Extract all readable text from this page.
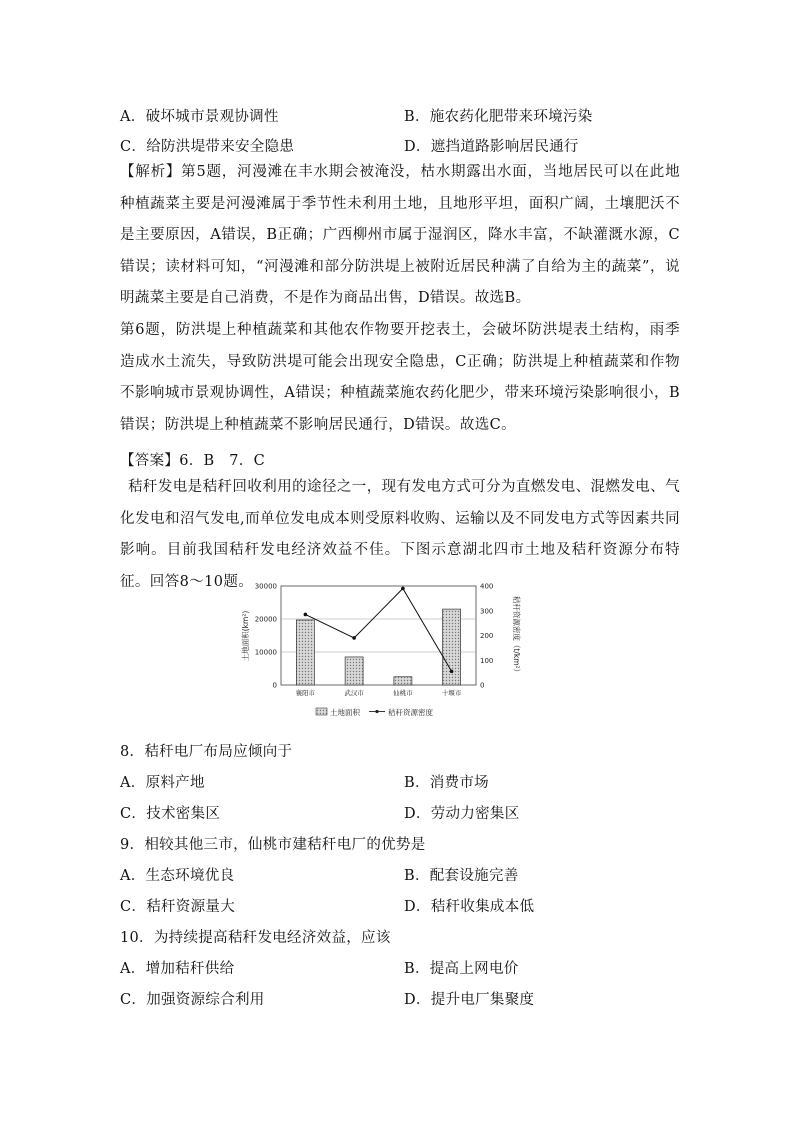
A．破坏城市景观协调性	B．施农药化肥带来环境污染
C．给防洪堤带来安全隐患	D．遮挡道路影响居民通行
【解析】第5题，河漫滩在丰水期会被淹没，枯水期露出水面，当地居民可以在此地种植蔬菜主要是河漫滩属于季节性未利用土地，且地形平坦，面积广阔，土壤肥沃不是主要原因，A错误，B正确；广西柳州市属于湿润区，降水丰富，不缺灌溉水源，C错误；读材料可知，“河漫滩和部分防洪堤上被附近居民种满了自给为主的蔬菜”，说明蔬菜主要是自己消费，不是作为商品出售，D错误。故选B。
第6题，防洪堤上种植蔬菜和其他农作物要开挖表土，会破坏防洪堤表土结构，雨季造成水土流失，导致防洪堤可能会出现安全隐患，C正确；防洪堤上种植蔬菜和作物不影响城市景观协调性，A错误；种植蔬菜施农药化肥少，带来环境污染影响很小，B错误；防洪堤上种植蔬菜不影响居民通行，D错误。故选C。
【答案】6．B　7．C
秸秆发电是秸秆回收利用的途径之一，现有发电方式可分为直燃发电、混燃发电、气化发电和沼气发电,而单位发电成本则受原料收购、运输以及不同发电方式等因素共同影响。目前我国秸秆发电经济效益不佳。下图示意湖北四市土地及秸秆资源分布特征。回答8～10题。
0
10000
20000
30000
0
100
200
300
400
襄阳市	武汉市	仙桃市	十堰市
土地面积(km²)	秸秆资源密度（t/km²）
土地面积	秸秆资源密度
8．秸秆电厂布局应倾向于
A．原料产地	B．消费市场
C．技术密集区	D．劳动力密集区
9．相较其他三市，仙桃市建秸秆电厂的优势是
A．生态环境优良	B．配套设施完善
C．秸秆资源量大	D．秸秆收集成本低
10．为持续提高秸秆发电经济效益，应该
A．增加秸秆供给	B．提高上网电价
C．加强资源综合利用	D．提升电厂集聚度
